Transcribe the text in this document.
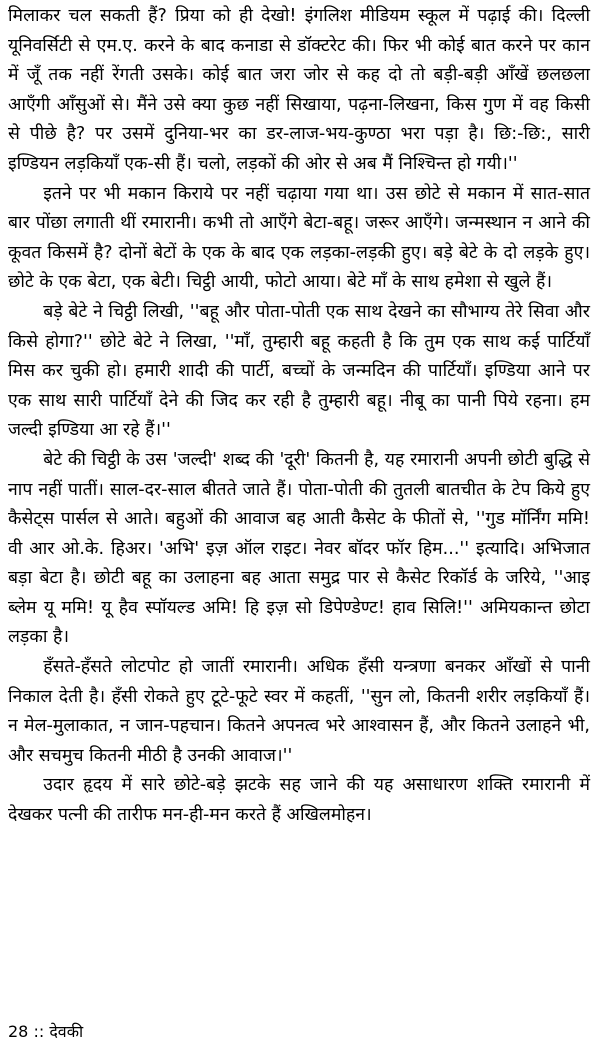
मिलाकर चल सकती हैं? प्रिया को ही देखो! इंगलिश मीडियम स्कूल में पढ़ाई की। दिल्ली यूनिवर्सिटी से एम.ए. करने के बाद कनाडा से डॉक्टरेट की। फिर भी कोई बात करने पर कान में जूँ तक नहीं रेंगती उसके। कोई बात जरा जोर से कह दो तो बड़ी-बड़ी आँखें छलछला आएँगी आँसुओं से। मैंने उसे क्या कुछ नहीं सिखाया, पढ़ना-लिखना, किस गुण में वह किसी से पीछे है? पर उसमें दुनिया-भर का डर-लाज-भय-कुण्ठा भरा पड़ा है। छि:-छि:, सारी इण्डियन लड़कियाँ एक-सी हैं। चलो, लड़कों की ओर से अब मैं निश्चिन्त हो गयी।''

इतने पर भी मकान किराये पर नहीं चढ़ाया गया था। उस छोटे से मकान में सात-सात बार पोंछा लगाती थीं रमारानी। कभी तो आएँगे बेटा-बहू। जरूर आएँगे। जन्मस्थान न आने की कूवत किसमें है? दोनों बेटों के एक के बाद एक लड़का-लड़की हुए। बड़े बेटे के दो लड़के हुए। छोटे के एक बेटा, एक बेटी। चिट्ठी आयी, फोटो आया। बेटे माँ के साथ हमेशा से खुले हैं।

बड़े बेटे ने चिट्ठी लिखी, ''बहू और पोता-पोती एक साथ देखने का सौभाग्य तेरे सिवा और किसे होगा?'' छोटे बेटे ने लिखा, ''माँ, तुम्हारी बहू कहती है कि तुम एक साथ कई पार्टियाँ मिस कर चुकी हो। हमारी शादी की पार्टी, बच्चों के जन्मदिन की पार्टियाँ। इण्डिया आने पर एक साथ सारी पार्टियाँ देने की जिद कर रही है तुम्हारी बहू। नीबू का पानी पिये रहना। हम जल्दी इण्डिया आ रहे हैं।''

बेटे की चिट्ठी के उस 'जल्दी' शब्द की 'दूरी' कितनी है, यह रमारानी अपनी छोटी बुद्धि से नाप नहीं पातीं। साल-दर-साल बीतते जाते हैं। पोता-पोती की तुतली बातचीत के टेप किये हुए कैसेट्स पार्सल से आते। बहुओं की आवाज बह आती कैसेट के फीतों से, ''गुड मॉर्निंग ममि! वी आर ओ.के. हिअर। 'अभि' इज़ ऑल राइट। नेवर बॉदर फॉर हिम...'' इत्यादि। अभिजात बड़ा बेटा है। छोटी बहू का उलाहना बह आता समुद्र पार से कैसेट रिकॉर्ड के जरिये, ''आइ ब्लेम यू ममि! यू हैव स्पॉयल्ड अमि! हि इज़ सो डिपेण्डेण्ट! हाव सिलि!'' अमियकान्त छोटा लड़का है।

हँसते-हँसते लोटपोट हो जातीं रमारानी। अधिक हँसी यन्त्रणा बनकर आँखों से पानी निकाल देती है। हँसी रोकते हुए टूटे-फूटे स्वर में कहतीं, ''सुन लो, कितनी शरीर लड़कियाँ हैं। न मेल-मुलाकात, न जान-पहचान। कितने अपनत्व भरे आश्वासन हैं, और कितने उलाहने भी, और सचमुच कितनी मीठी है उनकी आवाज।''

उदार हृदय में सारे छोटे-बड़े झटके सह जाने की यह असाधारण शक्ति रमारानी में देखकर पत्नी की तारीफ मन-ही-मन करते हैं अखिलमोहन।

28 :: देवकी
